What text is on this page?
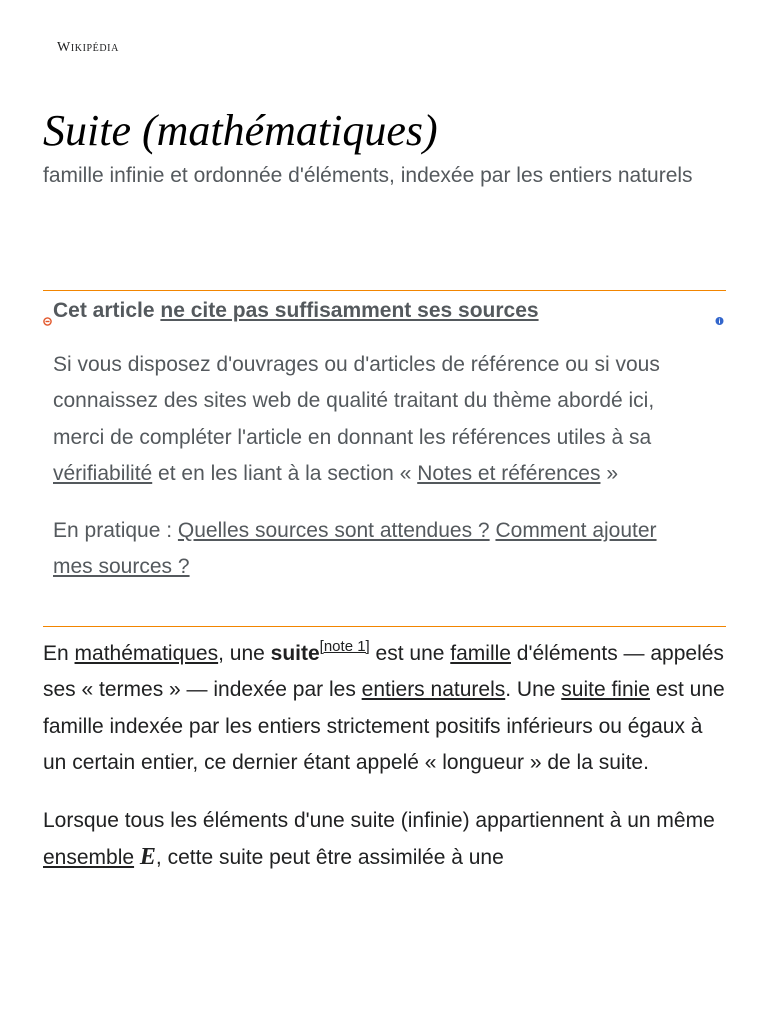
Wikipédia
Suite (mathématiques)
famille infinie et ordonnée d'éléments, indexée par les entiers naturels
Cet article ne cite pas suffisamment ses sources

Si vous disposez d'ouvrages ou d'articles de référence ou si vous connaissez des sites web de qualité traitant du thème abordé ici, merci de compléter l'article en donnant les références utiles à sa vérifiabilité et en les liant à la section « Notes et références »

En pratique : Quelles sources sont attendues ? Comment ajouter mes sources ?

En mathématiques, une suite[note 1] est une famille d'éléments — appelés ses « termes » — indexée par les entiers naturels. Une suite finie est une famille indexée par les entiers strictement positifs inférieurs ou égaux à un certain entier, ce dernier étant appelé « longueur » de la suite.

Lorsque tous les éléments d'une suite (infinie) appartiennent à un même ensemble E, cette suite peut être assimilée à une
